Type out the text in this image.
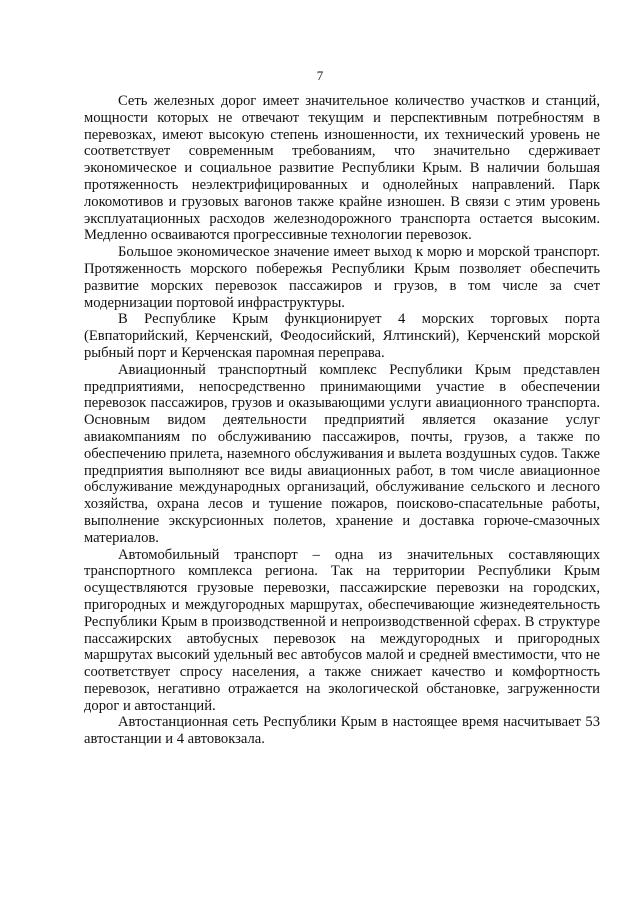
7

Сеть железных дорог имеет значительное количество участков и станций, мощности которых не отвечают текущим и перспективным потребностям в перевозках, имеют высокую степень изношенности, их технический уровень не соответствует современным требованиям, что значительно сдерживает экономическое и социальное развитие Республики Крым. В наличии большая протяженность неэлектрифицированных и однолейных направлений. Парк локомотивов и грузовых вагонов также крайне изношен. В связи с этим уровень эксплуатационных расходов железнодорожного транспорта остается высоким. Медленно осваиваются прогрессивные технологии перевозок.

Большое экономическое значение имеет выход к морю и морской транспорт. Протяженность морского побережья Республики Крым позволяет обеспечить развитие морских перевозок пассажиров и грузов, в том числе за счет модернизации портовой инфраструктуры.

В Республике Крым функционирует 4 морских торговых порта (Евпаторийский, Керченский, Феодосийский, Ялтинский), Керченский морской рыбный порт и Керченская паромная переправа.

Авиационный транспортный комплекс Республики Крым представлен предприятиями, непосредственно принимающими участие в обеспечении перевозок пассажиров, грузов и оказывающими услуги авиационного транспорта. Основным видом деятельности предприятий является оказание услуг авиакомпаниям по обслуживанию пассажиров, почты, грузов, а также по обеспечению прилета, наземного обслуживания и вылета воздушных судов. Также предприятия выполняют все виды авиационных работ, в том числе авиационное обслуживание международных организаций, обслуживание сельского и лесного хозяйства, охрана лесов и тушение пожаров, поисково-спасательные работы, выполнение экскурсионных полетов, хранение и доставка горюче-смазочных материалов.

Автомобильный транспорт – одна из значительных составляющих транспортного комплекса региона. Так на территории Республики Крым осуществляются грузовые перевозки, пассажирские перевозки на городских, пригородных и междугородных маршрутах, обеспечивающие жизнедеятельность Республики Крым в производственной и непроизводственной сферах. В структуре пассажирских автобусных перевозок на междугородных и пригородных маршрутах высокий удельный вес автобусов малой и средней вместимости, что не соответствует спросу населения, а также снижает качество и комфортность перевозок, негативно отражается на экологической обстановке, загруженности дорог и автостанций.

Автостанционная сеть Республики Крым в настоящее время насчитывает 53 автостанции и 4 автовокзала.
